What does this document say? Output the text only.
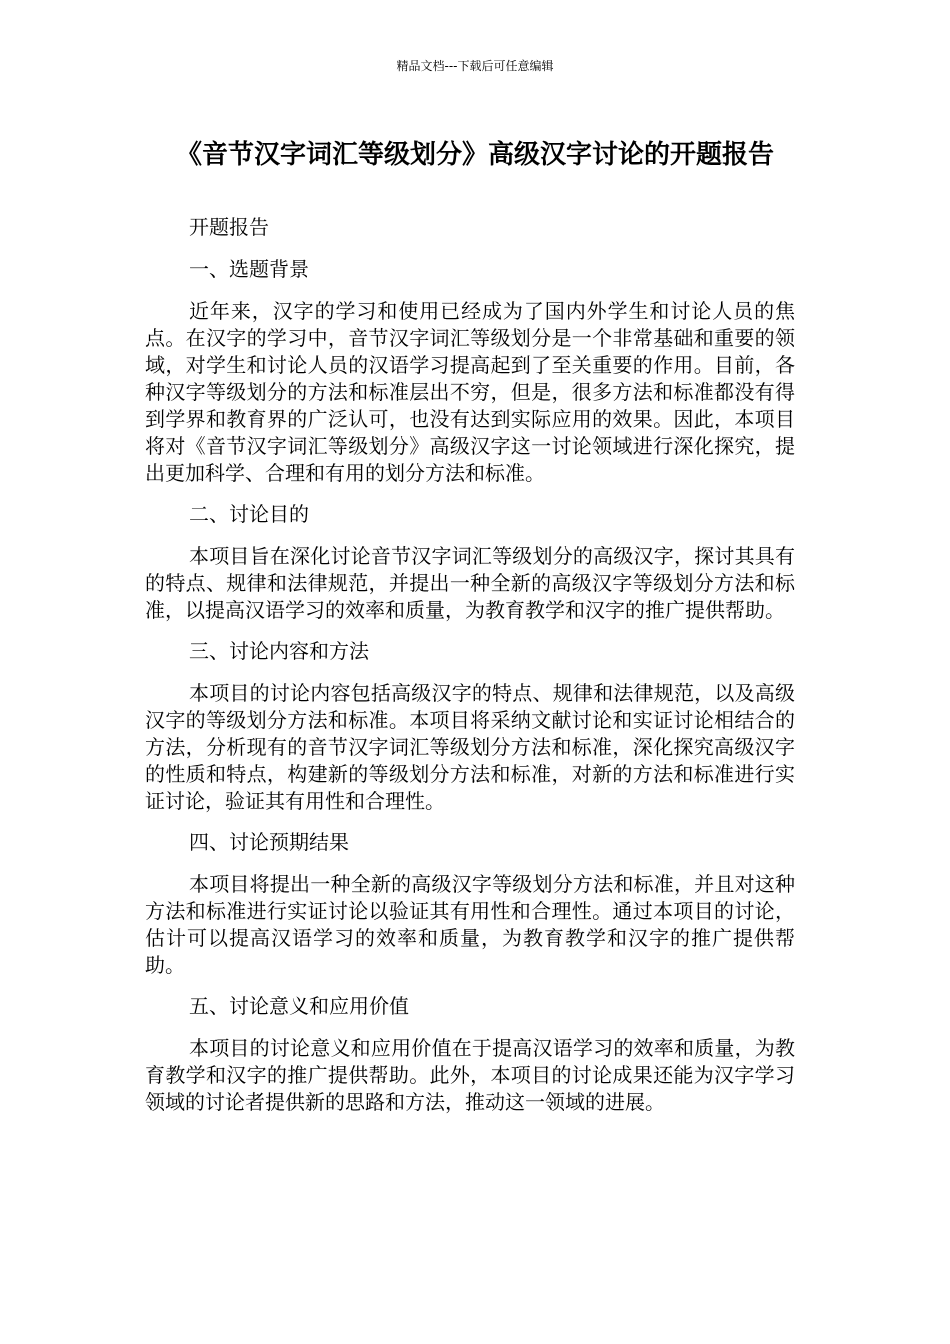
精品文档---下载后可任意编辑
《音节汉字词汇等级划分》高级汉字讨论的开题报告

开题报告

一、选题背景

近年来，汉字的学习和使用已经成为了国内外学生和讨论人员的焦点。在汉字的学习中，音节汉字词汇等级划分是一个非常基础和重要的领域，对学生和讨论人员的汉语学习提高起到了至关重要的作用。目前，各种汉字等级划分的方法和标准层出不穷，但是，很多方法和标准都没有得到学界和教育界的广泛认可，也没有达到实际应用的效果。因此，本项目将对《音节汉字词汇等级划分》高级汉字这一讨论领域进行深化探究，提出更加科学、合理和有用的划分方法和标准。

二、讨论目的

本项目旨在深化讨论音节汉字词汇等级划分的高级汉字，探讨其具有的特点、规律和法律规范，并提出一种全新的高级汉字等级划分方法和标准，以提高汉语学习的效率和质量，为教育教学和汉字的推广提供帮助。

三、讨论内容和方法

本项目的讨论内容包括高级汉字的特点、规律和法律规范，以及高级汉字的等级划分方法和标准。本项目将采纳文献讨论和实证讨论相结合的方法，分析现有的音节汉字词汇等级划分方法和标准，深化探究高级汉字的性质和特点，构建新的等级划分方法和标准，对新的方法和标准进行实证讨论，验证其有用性和合理性。

四、讨论预期结果

本项目将提出一种全新的高级汉字等级划分方法和标准，并且对这种方法和标准进行实证讨论以验证其有用性和合理性。通过本项目的讨论，估计可以提高汉语学习的效率和质量，为教育教学和汉字的推广提供帮助。

五、讨论意义和应用价值

本项目的讨论意义和应用价值在于提高汉语学习的效率和质量，为教育教学和汉字的推广提供帮助。此外，本项目的讨论成果还能为汉字学习领域的讨论者提供新的思路和方法，推动这一领域的进展。
